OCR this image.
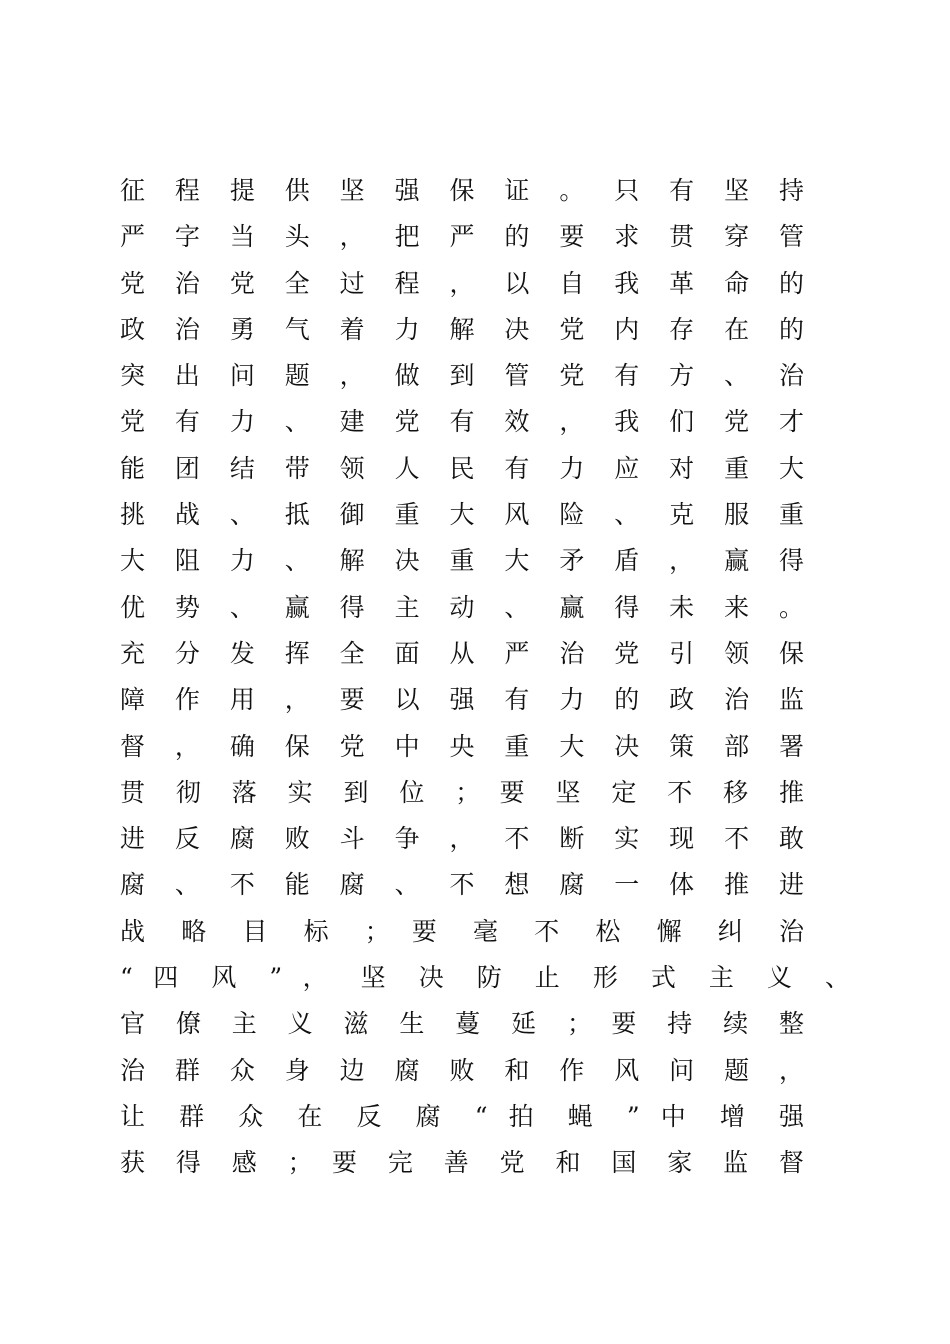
征 程 提 供 坚 强 保 证 。 只 有 坚 持
严 字 当 头 ， 把 严 的 要 求 贯 穿 管
党 治 党 全 过 程 ， 以 自 我 革 命 的
政 治 勇 气 着 力 解 决 党 内 存 在 的
突 出 问 题 ， 做 到 管 党 有 方 、 治
党 有 力 、 建 党 有 效 ， 我 们 党 才
能 团 结 带 领 人 民 有 力 应 对 重 大
挑 战 、 抵 御 重 大 风 险 、 克 服 重
大 阻 力 、 解 决 重 大 矛 盾 ， 赢 得
优 势 、 赢 得 主 动 、 赢 得 未 来 。
充 分 发 挥 全 面 从 严 治 党 引 领 保
障 作 用 ， 要 以 强 有 力 的 政 治 监
督 ， 确 保 党 中 央 重 大 决 策 部 署
贯 彻 落 实 到 位 ； 要 坚 定 不 移 推
进 反 腐 败 斗 争 ， 不 断 实 现 不 敢
腐 、 不 能 腐 、 不 想 腐 一 体 推 进
战 略 目 标 ； 要 毫 不 松 懈 纠 治
“ 四 风 ” ， 坚 决 防 止 形 式 主 义 、
官 僚 主 义 滋 生 蔓 延 ； 要 持 续 整
治 群 众 身 边 腐 败 和 作 风 问 题 ，
让 群 众 在 反 腐 “ 拍 蝇 ” 中 增 强
获 得 感 ； 要 完 善 党 和 国 家 监 督
